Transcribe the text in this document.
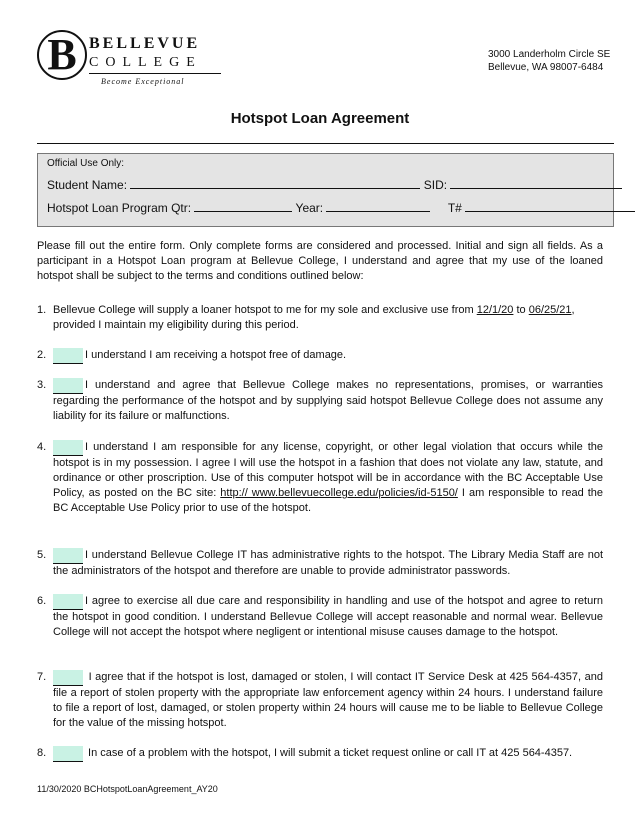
B BELLEVUE
COLLEGE
Become Exceptional
3000 Landerholm Circle SE
Bellevue, WA 98007-6484
Hotspot Loan Agreement
Official Use Only:
Student Name:	SID:
Hotspot Loan Program Qtr:	Year:	T#
Please fill out the entire form. Only complete forms are considered and processed. Initial and sign all fields. As a participant in a Hotspot Loan program at Bellevue College, I understand and agree that my use of the loaned hotspot shall be subject to the terms and conditions outlined below:
1. Bellevue College will supply a loaner hotspot to me for my sole and exclusive use from 12/1/20 to 06/25/21, provided I maintain my eligibility during this period.
2.	I understand I am receiving a hotspot free of damage.
3.	I understand and agree that Bellevue College makes no representations, promises, or warranties regarding the performance of the hotspot and by supplying said hotspot Bellevue College does not assume any liability for its failure or malfunctions.
4.	I understand I am responsible for any license, copyright, or other legal violation that occurs while the hotspot is in my possession. I agree I will use the hotspot in a fashion that does not violate any law, statute, and ordinance or other proscription. Use of this computer hotspot will be in accordance with the BC Acceptable Use Policy, as posted on the BC site: http:// www.bellevuecollege.edu/policies/id-5150/ I am responsible to read the BC Acceptable Use Policy prior to use of the hotspot.
5.	I understand Bellevue College IT has administrative rights to the hotspot. The Library Media Staff are not the administrators of the hotspot and therefore are unable to provide administrator passwords.
6.	I agree to exercise all due care and responsibility in handling and use of the hotspot and agree to return the hotspot in good condition. I understand Bellevue College will accept reasonable and normal wear. Bellevue College will not accept the hotspot where negligent or intentional misuse causes damage to the hotspot.
7.	I agree that if the hotspot is lost, damaged or stolen, I will contact IT Service Desk at 425 564-4357, and file a report of stolen property with the appropriate law enforcement agency within 24 hours. I understand failure to file a report of lost, damaged, or stolen property within 24 hours will cause me to be liable to Bellevue College for the value of the missing hotspot.
8.	In case of a problem with the hotspot, I will submit a ticket request online or call IT at 425 564-4357.
11/30/2020 BCHotspotLoanAgreement_AY20
